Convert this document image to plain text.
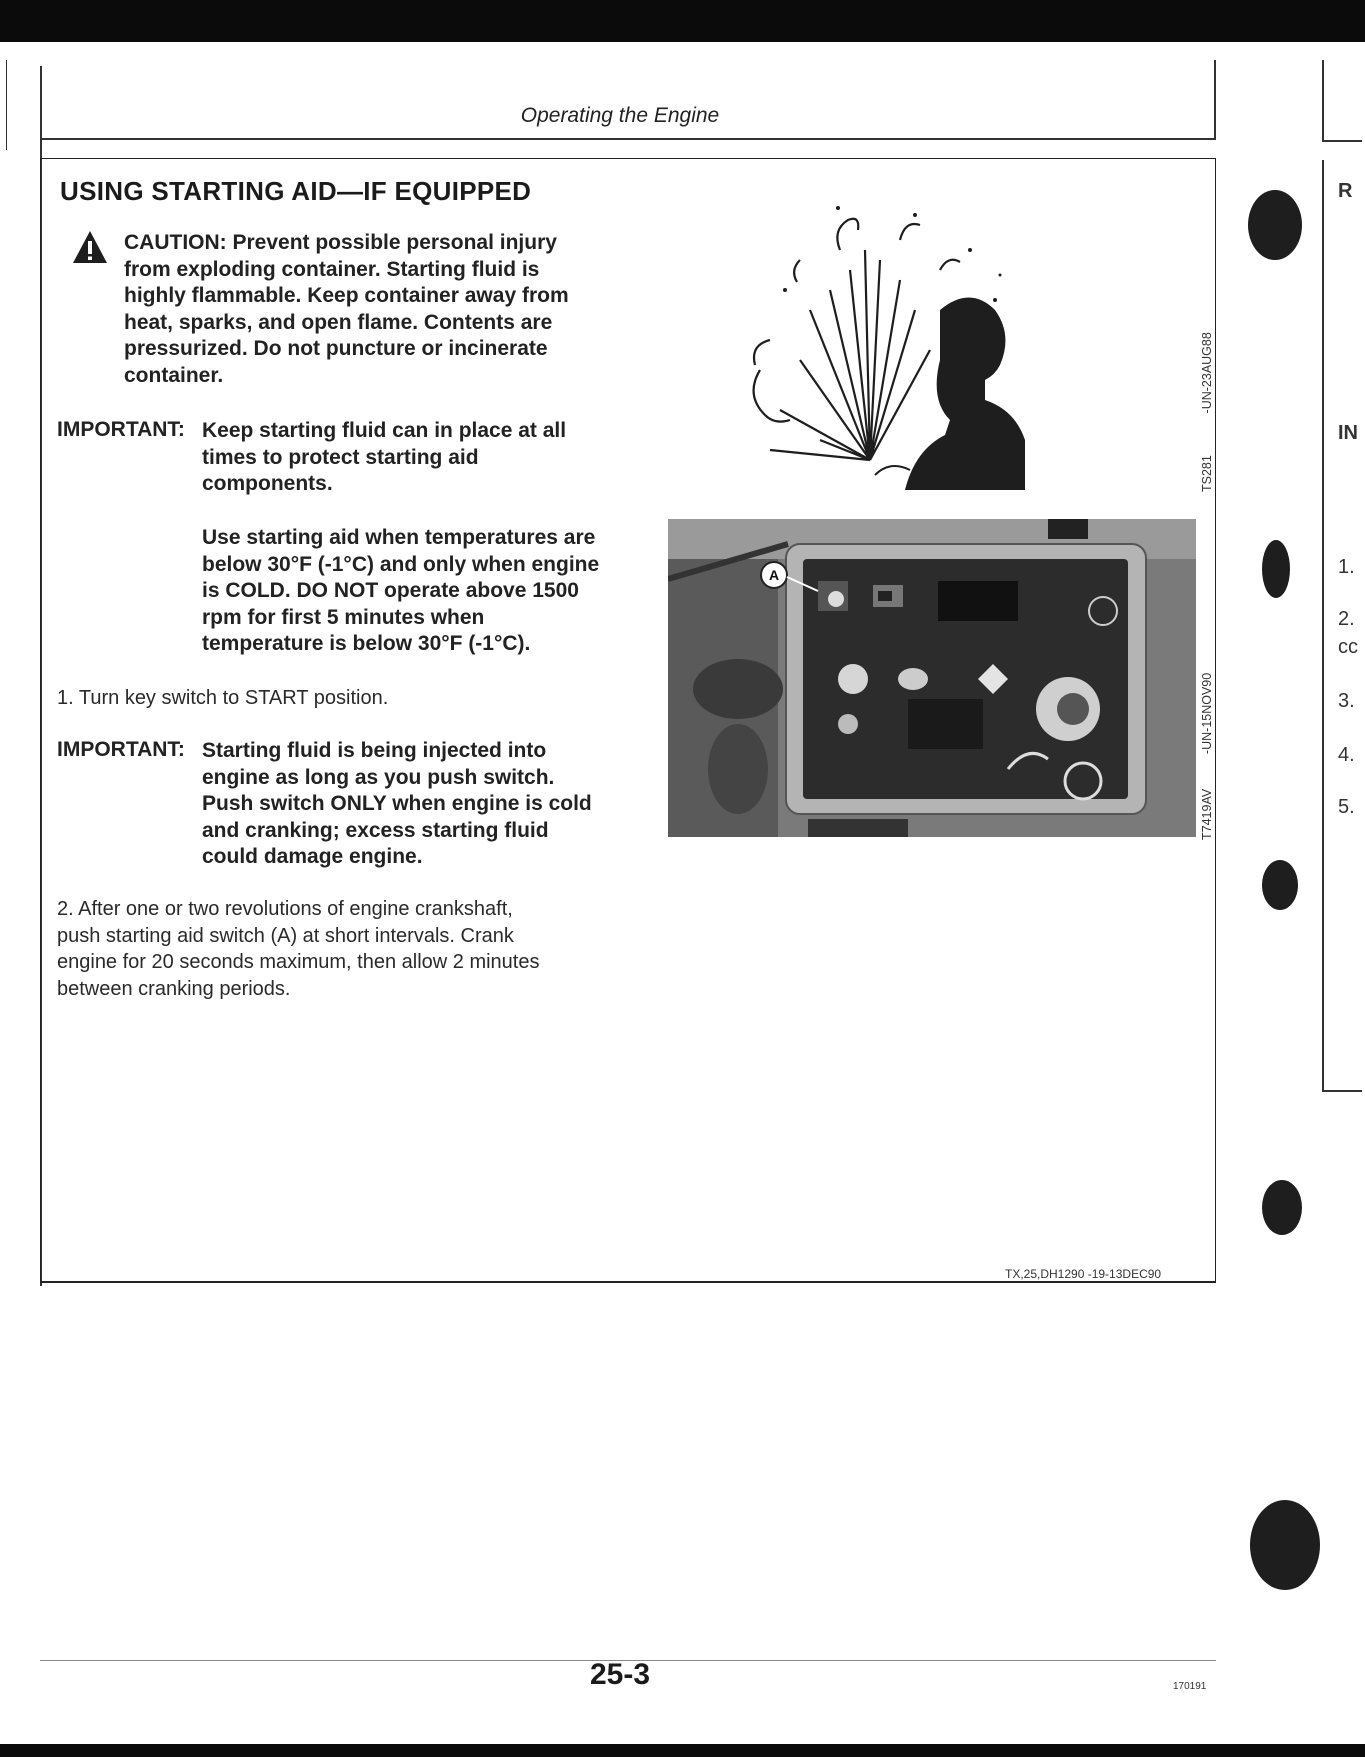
Operating the Engine
USING STARTING AID—IF EQUIPPED
CAUTION: Prevent possible personal injury
from exploding container. Starting fluid is
highly flammable. Keep container away from
heat, sparks, and open flame. Contents are
pressurized. Do not puncture or incinerate
container.
IMPORTANT: Keep starting fluid can in place at all
times to protect starting aid
components.
Use starting aid when temperatures are
below 30°F (-1°C) and only when engine
is COLD. DO NOT operate above 1500
rpm for first 5 minutes when
temperature is below 30°F (-1°C).
1. Turn key switch to START position.
IMPORTANT: Starting fluid is being injected into
engine as long as you push switch.
Push switch ONLY when engine is cold
and cranking; excess starting fluid
could damage engine.
2. After one or two revolutions of engine crankshaft,
push starting aid switch (A) at short intervals. Crank
engine for 20 seconds maximum, then allow 2 minutes
between cranking periods.
TS281            -UN-23AUG88
A
T7419AV          -UN-15NOV90
TX,25,DH1290 -19-13DEC90
25-3	170191
R
IN
1.
2.
cc
3.
4.
5.
